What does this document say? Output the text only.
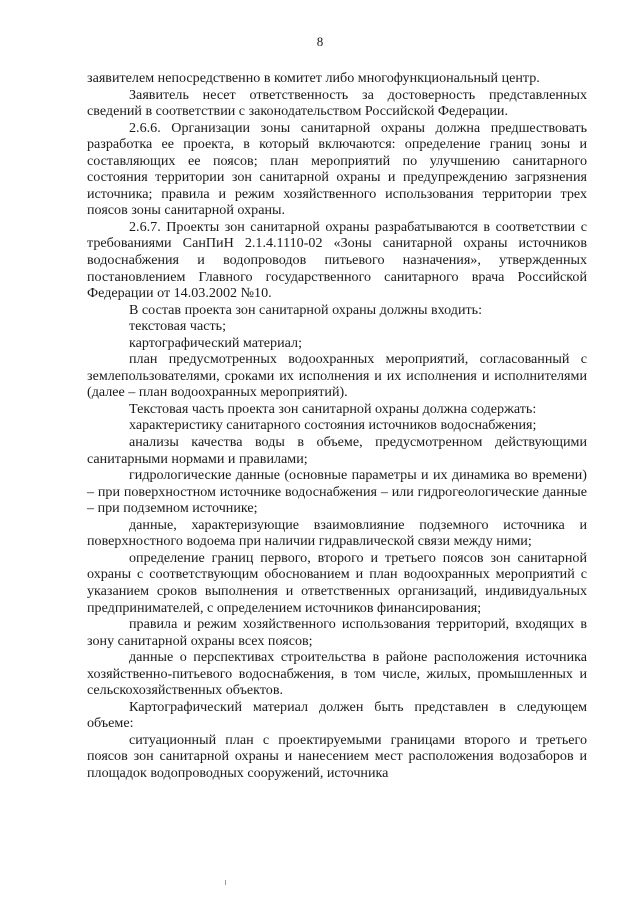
8

заявителем непосредственно в комитет либо многофункциональный центр.

Заявитель несет ответственность за достоверность представленных сведений в соответствии с законодательством Российской Федерации.

2.6.6. Организации зоны санитарной охраны должна предшествовать разработка ее проекта, в который включаются: определение границ зоны и составляющих ее поясов; план мероприятий по улучшению санитарного состояния территории зон санитарной охраны и предупреждению загрязнения источника; правила и режим хозяйственного использования территории трех поясов зоны санитарной охраны.

2.6.7. Проекты зон санитарной охраны разрабатываются в соответствии с требованиями СанПиН 2.1.4.1110-02 «Зоны санитарной охраны источников водоснабжения и водопроводов питьевого назначения», утвержденных постановлением Главного государственного санитарного врача Российской Федерации от 14.03.2002 №10.

В состав проекта зон санитарной охраны должны входить:

текстовая часть;

картографический материал;

план предусмотренных водоохранных мероприятий, согласованный с землепользователями, сроками их исполнения и их исполнения и исполнителями (далее – план водоохранных мероприятий).

Текстовая часть проекта зон санитарной охраны должна содержать:

характеристику санитарного состояния источников водоснабжения;

анализы качества воды в объеме, предусмотренном действующими санитарными нормами и правилами;

гидрологические данные (основные параметры и их динамика во времени) – при поверхностном источнике водоснабжения – или гидрогеологические данные – при подземном источнике;

данные, характеризующие взаимовлияние подземного источника и поверхностного водоема при наличии гидравлической связи между ними;

определение границ первого, второго и третьего поясов зон санитарной охраны с соответствующим обоснованием и план водоохранных мероприятий с указанием сроков выполнения и ответственных организаций, индивидуальных предпринимателей, с определением источников финансирования;

правила и режим хозяйственного использования территорий, входящих в зону санитарной охраны всех поясов;

данные о перспективах строительства в районе расположения источника хозяйственно-питьевого водоснабжения, в том числе, жилых, промышленных и сельскохозяйственных объектов.

Картографический материал должен быть представлен в следующем объеме:

ситуационный план с проектируемыми границами второго и третьего поясов зон санитарной охраны и нанесением мест расположения водозаборов и площадок водопроводных сооружений, источника
